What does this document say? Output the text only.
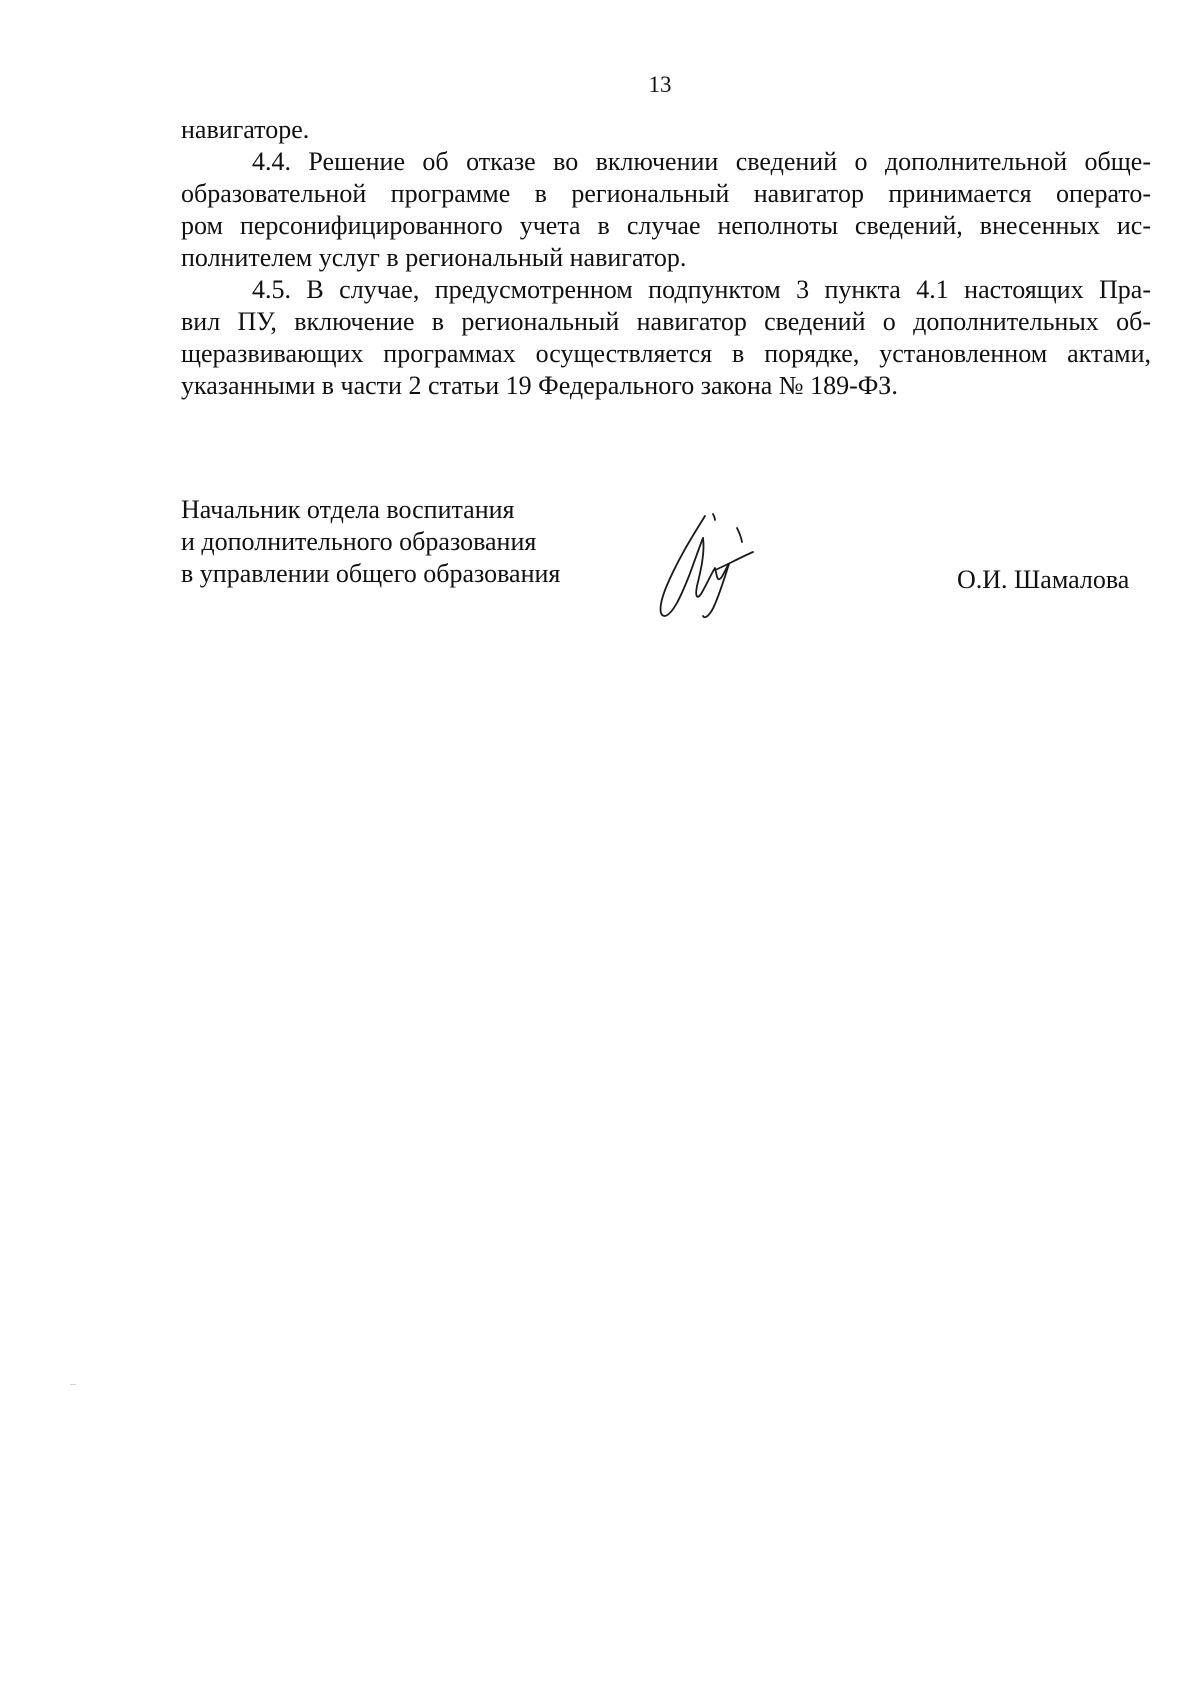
13
навигаторе.
4.4. Решение об отказе во включении сведений о дополнительной обще-
образовательной программе в региональный навигатор принимается операто-
ром персонифицированного учета в случае неполноты сведений, внесенных ис-
полнителем услуг в региональный навигатор.
4.5. В случае, предусмотренном подпунктом 3 пункта 4.1 настоящих Пра-
вил ПУ, включение в региональный навигатор сведений о дополнительных об-
щеразвивающих программах осуществляется в порядке, установленном актами,
указанными в части 2 статьи 19 Федерального закона № 189-ФЗ.
Начальник отдела воспитания
и дополнительного образования
в управлении общего образования	О.И. Шамалова
